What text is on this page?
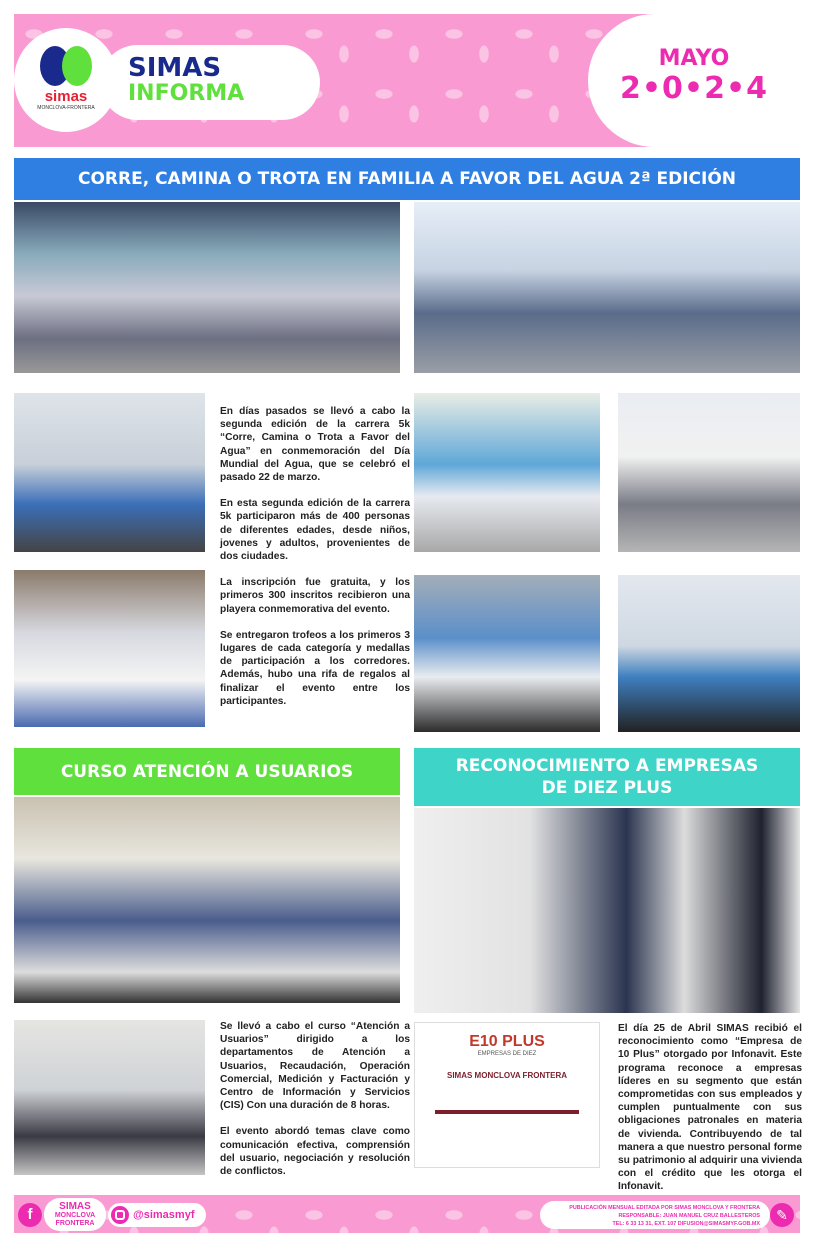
simas
MONCLOVA-FRONTERA
SIMAS
INFORMA
MAYO
2•0•2•4
CORRE, CAMINA O TROTA EN FAMILIA A FAVOR DEL AGUA 2ª EDICIÓN

En días pasados se llevó a cabo la segunda edición de la carrera 5k “Corre, Camina o Trota a Favor del Agua” en conmemoración del Día Mundial del Agua, que se celebró el pasado 22 de marzo.

En esta segunda edición de la carrera 5k participaron más de 400 personas de diferentes edades, desde niños, jovenes y adultos, provenientes de dos ciudades.

La inscripción fue gratuita, y los primeros 300 inscritos recibieron una playera conmemorativa del evento.

Se entregaron trofeos a los primeros 3 lugares de cada categoría y medallas de participación a los corredores. Además, hubo una rifa de regalos al finalizar el evento entre los participantes.

CURSO ATENCIÓN A USUARIOS

Se llevó a cabo el curso “Atención a Usuarios” dirigido a los departamentos de Atención a Usuarios, Recaudación, Operación Comercial, Medición y Facturación y Centro de Información y Servicios (CIS) Con una duración de 8 horas.

El evento abordó temas clave como comunicación efectiva, comprensión del usuario, negociación y resolución de conflictos.

RECONOCIMIENTO A EMPRESAS
DE DIEZ PLUS
E10 PLUS
EMPRESAS DE DIEZ
SIMAS MONCLOVA FRONTERA

El día 25 de Abril SIMAS recibió el reconocimiento como “Empresa de 10 Plus” otorgado por Infonavit. Este programa reconoce a empresas líderes en su segmento que están comprometidas con sus empleados y cumplen puntualmente con sus obligaciones patronales en materia de vivienda. Contribuyendo de tal manera a que nuestro personal forme su patrimonio al adquirir una vivienda con el crédito que les otorga el Infonavit.

f	SIMAS
MONCLOVA
FRONTERA
@simasmyf
PUBLICACIÓN MENSUAL EDITADA POR SIMAS MONCLOVA Y FRONTERA
RESPONSABLE: JUAN MANUEL CRUZ BALLESTEROS
TEL: 6 33 13 31, EXT. 107 DIFUSION@SIMASMYF.GOB.MX
✎
